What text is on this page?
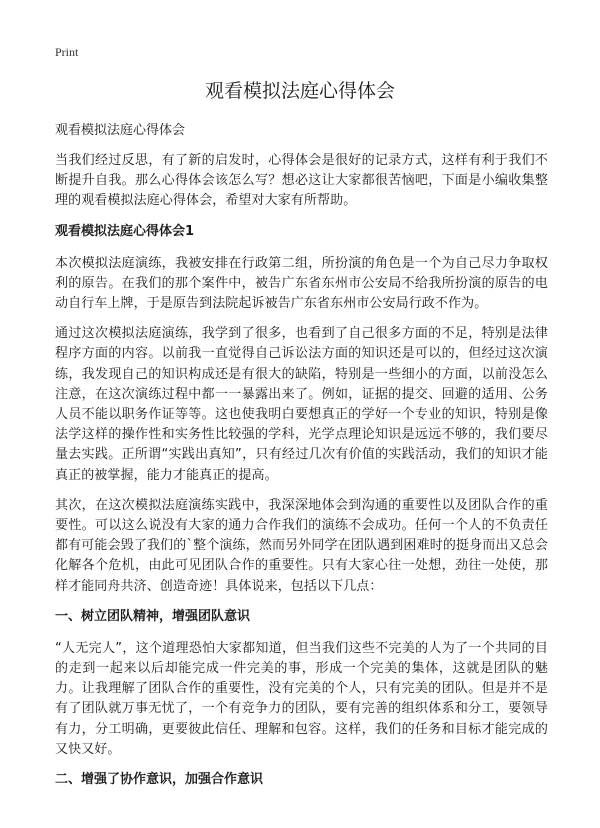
Print
观看模拟法庭心得体会
观看模拟法庭心得体会

当我们经过反思，有了新的启发时，心得体会是很好的记录方式，这样有利于我们不断提升自我。那么心得体会该怎么写？想必这让大家都很苦恼吧，下面是小编收集整理的观看模拟法庭心得体会，希望对大家有所帮助。

观看模拟法庭心得体会1

本次模拟法庭演练，我被安排在行政第二组，所扮演的角色是一个为自己尽力争取权利的原告。在我们的那个案件中，被告广东省东州市公安局不给我所扮演的原告的电动自行车上牌，于是原告到法院起诉被告广东省东州市公安局行政不作为。

通过这次模拟法庭演练，我学到了很多，也看到了自己很多方面的不足，特别是法律程序方面的内容。以前我一直觉得自己诉讼法方面的知识还是可以的，但经过这次演练，我发现自己的知识构成还是有很大的缺陷，特别是一些细小的方面，以前没怎么注意，在这次演练过程中都一一暴露出来了。例如，证据的提交、回避的适用、公务人员不能以职务作证等等。这也使我明白要想真正的学好一个专业的知识，特别是像法学这样的操作性和实务性比较强的学科，光学点理论知识是远远不够的，我们要尽量去实践。正所谓“实践出真知”，只有经过几次有价值的实践活动，我们的知识才能真正的被掌握，能力才能真正的提高。

其次，在这次模拟法庭演练实践中，我深深地体会到沟通的重要性以及团队合作的重要性。可以这么说没有大家的通力合作我们的演练不会成功。任何一个人的不负责任都有可能会毁了我们的`整个演练，然而另外同学在团队遇到困难时的挺身而出又总会化解各个危机，由此可见团队合作的重要性。只有大家心往一处想，劲往一处使，那样才能同舟共济、创造奇迹！具体说来，包括以下几点：

一、树立团队精神，增强团队意识

“人无完人”，这个道理恐怕大家都知道，但当我们这些不完美的人为了一个共同的目的走到一起来以后却能完成一件完美的事，形成一个完美的集体，这就是团队的魅力。让我理解了团队合作的重要性，没有完美的个人，只有完美的团队。但是并不是有了团队就万事无忧了，一个有竞争力的团队，要有完善的组织体系和分工，要领导有力，分工明确，更要彼此信任、理解和包容。这样，我们的任务和目标才能完成的又快又好。

二、增强了协作意识，加强合作意识
